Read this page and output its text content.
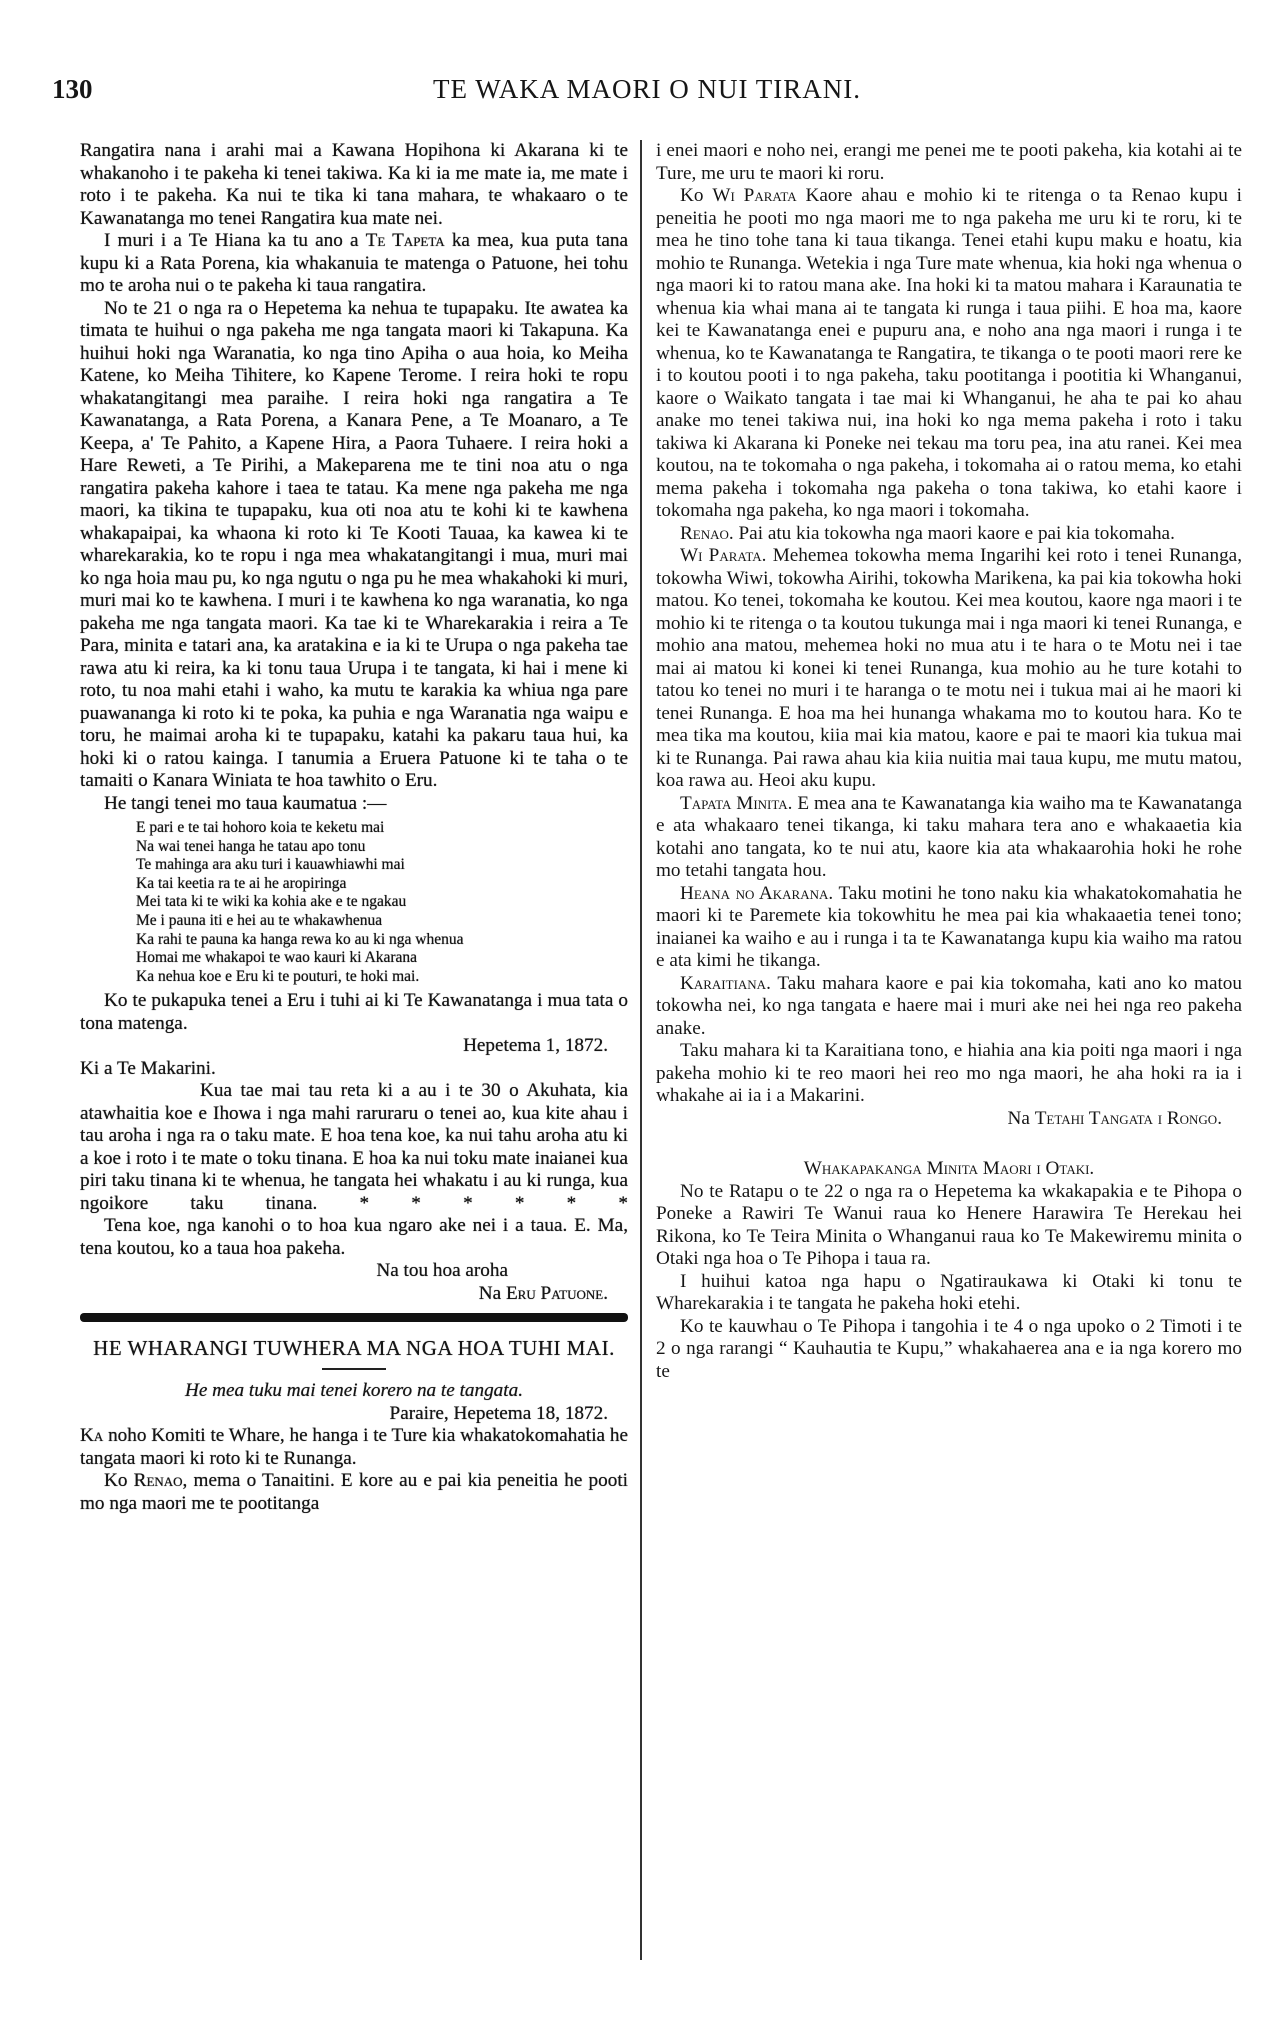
130	TE WAKA MAORI O NUI TIRANI.

Rangatira nana i arahi mai a Kawana Hopihona ki Akarana ki te whakanoho i te pakeha ki tenei takiwa. Ka ki ia me mate ia, me mate i roto i te pakeha. Ka nui te tika ki tana mahara, te whakaaro o te Kawanatanga mo tenei Rangatira kua mate nei.

I muri i a Te Hiana ka tu ano a Te Tapeta ka mea, kua puta tana kupu ki a Rata Porena, kia whakanuia te matenga o Patuone, hei tohu mo te aroha nui o te pakeha ki taua rangatira.

No te 21 o nga ra o Hepetema ka nehua te tupapaku. Ite awatea ka timata te huihui o nga pakeha me nga tangata maori ki Takapuna. Ka huihui hoki nga Waranatia, ko nga tino Apiha o aua hoia, ko Meiha Katene, ko Meiha Tihitere, ko Kapene Terome. I reira hoki te ropu whakatangitangi mea paraihe. I reira hoki nga rangatira a Te Kawanatanga, a Rata Porena, a Kanara Pene, a Te Moanaro, a Te Keepa, a' Te Pahito, a Kapene Hira, a Paora Tuhaere. I reira hoki a Hare Reweti, a Te Pirihi, a Makeparena me te tini noa atu o nga rangatira pakeha kahore i taea te tatau. Ka mene nga pakeha me nga maori, ka tikina te tupapaku, kua oti noa atu te kohi ki te kawhena whakapaipai, ka whaona ki roto ki Te Kooti Tauaa, ka kawea ki te wharekarakia, ko te ropu i nga mea whakatangitangi i mua, muri mai ko nga hoia mau pu, ko nga ngutu o nga pu he mea whakahoki ki muri, muri mai ko te kawhena. I muri i te kawhena ko nga waranatia, ko nga pakeha me nga tangata maori. Ka tae ki te Wharekarakia i reira a Te Para, minita e tatari ana, ka aratakina e ia ki te Urupa o nga pakeha tae rawa atu ki reira, ka ki tonu taua Urupa i te tangata, ki hai i mene ki roto, tu noa mahi etahi i waho, ka mutu te karakia ka whiua nga pare puawananga ki roto ki te poka, ka puhia e nga Waranatia nga waipu e toru, he maimai aroha ki te tupapaku, katahi ka pakaru taua hui, ka hoki ki o ratou kainga. I tanumia a Eruera Patuone ki te taha o te tamaiti o Kanara Winiata te hoa tawhito o Eru.

He tangi tenei mo taua kaumatua :—

E pari e te tai hohoro koia te keketu mai
Na wai tenei hanga he tatau apo tonu
Te mahinga ara aku turi i kauawhiawhi mai
Ka tai keetia ra te ai he aropiringa
Mei tata ki te wiki ka kohia ake e te ngakau
Me i pauna iti e hei au te whakawhenua
Ka rahi te pauna ka hanga rewa ko au ki nga whenua
Homai me whakapoi te wao kauri ki Akarana
Ka nehua koe e Eru ki te pouturi, te hoki mai.

Ko te pukapuka tenei a Eru i tuhi ai ki Te Kawanatanga i mua tata o tona matenga.

Hepetema 1, 1872.

Ki a Te Makarini.

Kua tae mai tau reta ki a au i te 30 o Akuhata, kia atawhaitia koe e Ihowa i nga mahi raruraru o tenei ao, kua kite ahau i tau aroha i nga ra o taku mate. E hoa tena koe, ka nui tahu aroha atu ki a koe i roto i te mate o toku tinana. E hoa ka nui toku mate inaianei kua piri taku tinana ki te whenua, he tangata hei whakatu i au ki runga, kua ngoikore taku tinana. * * * * * *

Tena koe, nga kanohi o to hoa kua ngaro ake nei i a taua. E. Ma, tena koutou, ko a taua hoa pakeha.

Na tou hoa aroha

Na Eru Patuone.

HE WHARANGI TUWHERA MA NGA HOA TUHI MAI.

He mea tuku mai tenei korero na te tangata.

Paraire, Hepetema 18, 1872.

Ka noho Komiti te Whare, he hanga i te Ture kia whakatokomahatia he tangata maori ki roto ki te Runanga.

Ko Renao, mema o Tanaitini. E kore au e pai kia peneitia he pooti mo nga maori me te pootitanga

i enei maori e noho nei, erangi me penei me te pooti pakeha, kia kotahi ai te Ture, me uru te maori ki roru.

Ko Wi Parata Kaore ahau e mohio ki te ritenga o ta Renao kupu i peneitia he pooti mo nga maori me to nga pakeha me uru ki te roru, ki te mea he tino tohe tana ki taua tikanga. Tenei etahi kupu maku e hoatu, kia mohio te Runanga. Wetekia i nga Ture mate whenua, kia hoki nga whenua o nga maori ki to ratou mana ake. Ina hoki ki ta matou mahara i Karaunatia te whenua kia whai mana ai te tangata ki runga i taua piihi. E hoa ma, kaore kei te Kawanatanga enei e pupuru ana, e noho ana nga maori i runga i te whenua, ko te Kawanatanga te Rangatira, te tikanga o te pooti maori rere ke i to koutou pooti i to nga pakeha, taku pootitanga i pootitia ki Whanganui, kaore o Waikato tangata i tae mai ki Whanganui, he aha te pai ko ahau anake mo tenei takiwa nui, ina hoki ko nga mema pakeha i roto i taku takiwa ki Akarana ki Poneke nei tekau ma toru pea, ina atu ranei. Kei mea koutou, na te tokomaha o nga pakeha, i tokomaha ai o ratou mema, ko etahi mema pakeha i tokomaha nga pakeha o tona takiwa, ko etahi kaore i tokomaha nga pakeha, ko nga maori i tokomaha.

Renao. Pai atu kia tokowha nga maori kaore e pai kia tokomaha.

Wi Parata. Mehemea tokowha mema Ingarihi kei roto i tenei Runanga, tokowha Wiwi, tokowha Airihi, tokowha Marikena, ka pai kia tokowha hoki matou. Ko tenei, tokomaha ke koutou. Kei mea koutou, kaore nga maori i te mohio ki te ritenga o ta koutou tukunga mai i nga maori ki tenei Runanga, e mohio ana matou, mehemea hoki no mua atu i te hara o te Motu nei i tae mai ai matou ki konei ki tenei Runanga, kua mohio au he ture kotahi to tatou ko tenei no muri i te haranga o te motu nei i tukua mai ai he maori ki tenei Runanga. E hoa ma hei hunanga whakama mo to koutou hara. Ko te mea tika ma koutou, kiia mai kia matou, kaore e pai te maori kia tukua mai ki te Runanga. Pai rawa ahau kia kiia nuitia mai taua kupu, me mutu matou, koa rawa au. Heoi aku kupu.

Tapata Minita. E mea ana te Kawanatanga kia waiho ma te Kawanatanga e ata whakaaro tenei tikanga, ki taku mahara tera ano e whakaaetia kia kotahi ano tangata, ko te nui atu, kaore kia ata whakaarohia hoki he rohe mo tetahi tangata hou.

Heana no Akarana. Taku motini he tono naku kia whakatokomahatia he maori ki te Paremete kia tokowhitu he mea pai kia whakaaetia tenei tono; inaianei ka waiho e au i runga i ta te Kawanatanga kupu kia waiho ma ratou e ata kimi he tikanga.

Karaitiana. Taku mahara kaore e pai kia tokomaha, kati ano ko matou tokowha nei, ko nga tangata e haere mai i muri ake nei hei nga reo pakeha anake.

Taku mahara ki ta Karaitiana tono, e hiahia ana kia poiti nga maori i nga pakeha mohio ki te reo maori hei reo mo nga maori, he aha hoki ra ia i whakahe ai ia i a Makarini.

Na Tetahi Tangata i Rongo.

Whakapakanga Minita Maori i Otaki.

No te Ratapu o te 22 o nga ra o Hepetema ka wkakapakia e te Pihopa o Poneke a Rawiri Te Wanui raua ko Henere Harawira Te Herekau hei Rikona, ko Te Teira Minita o Whanganui raua ko Te Makewiremu minita o Otaki nga hoa o Te Pihopa i taua ra.

I huihui katoa nga hapu o Ngatiraukawa ki Otaki ki tonu te Wharekarakia i te tangata he pakeha hoki etehi.

Ko te kauwhau o Te Pihopa i tangohia i te 4 o nga upoko o 2 Timoti i te 2 o nga rarangi “ Kauhautia te Kupu,” whakahaerea ana e ia nga korero mo te
